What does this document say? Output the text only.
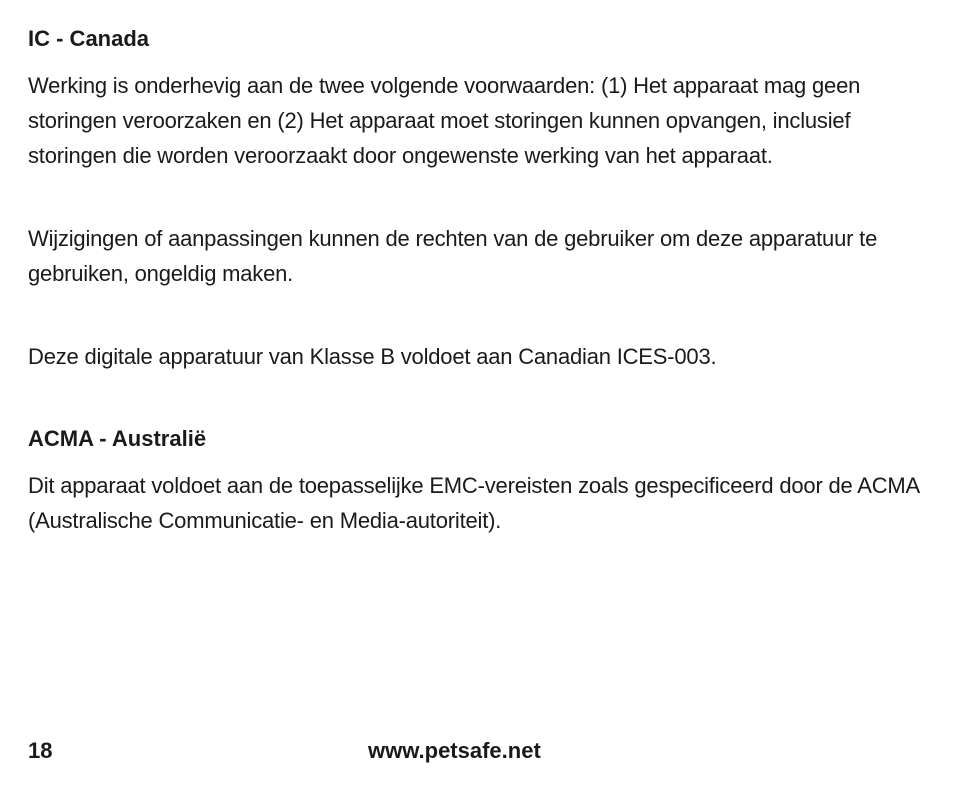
IC - Canada

Werking is onderhevig aan de twee volgende voorwaarden: (1) Het apparaat mag geen storingen veroorzaken en (2) Het apparaat moet storingen kunnen opvangen, inclusief storingen die worden veroorzaakt door ongewenste werking van het apparaat.

Wijzigingen of aanpassingen kunnen de rechten van de gebruiker om deze apparatuur te gebruiken, ongeldig maken.

Deze digitale apparatuur van Klasse B voldoet aan Canadian ICES-003.

ACMA - Australië

Dit apparaat voldoet aan de toepasselijke EMC-vereisten zoals gespecificeerd door de ACMA (Australische Communicatie- en Media-autoriteit).

18	www.petsafe.net
